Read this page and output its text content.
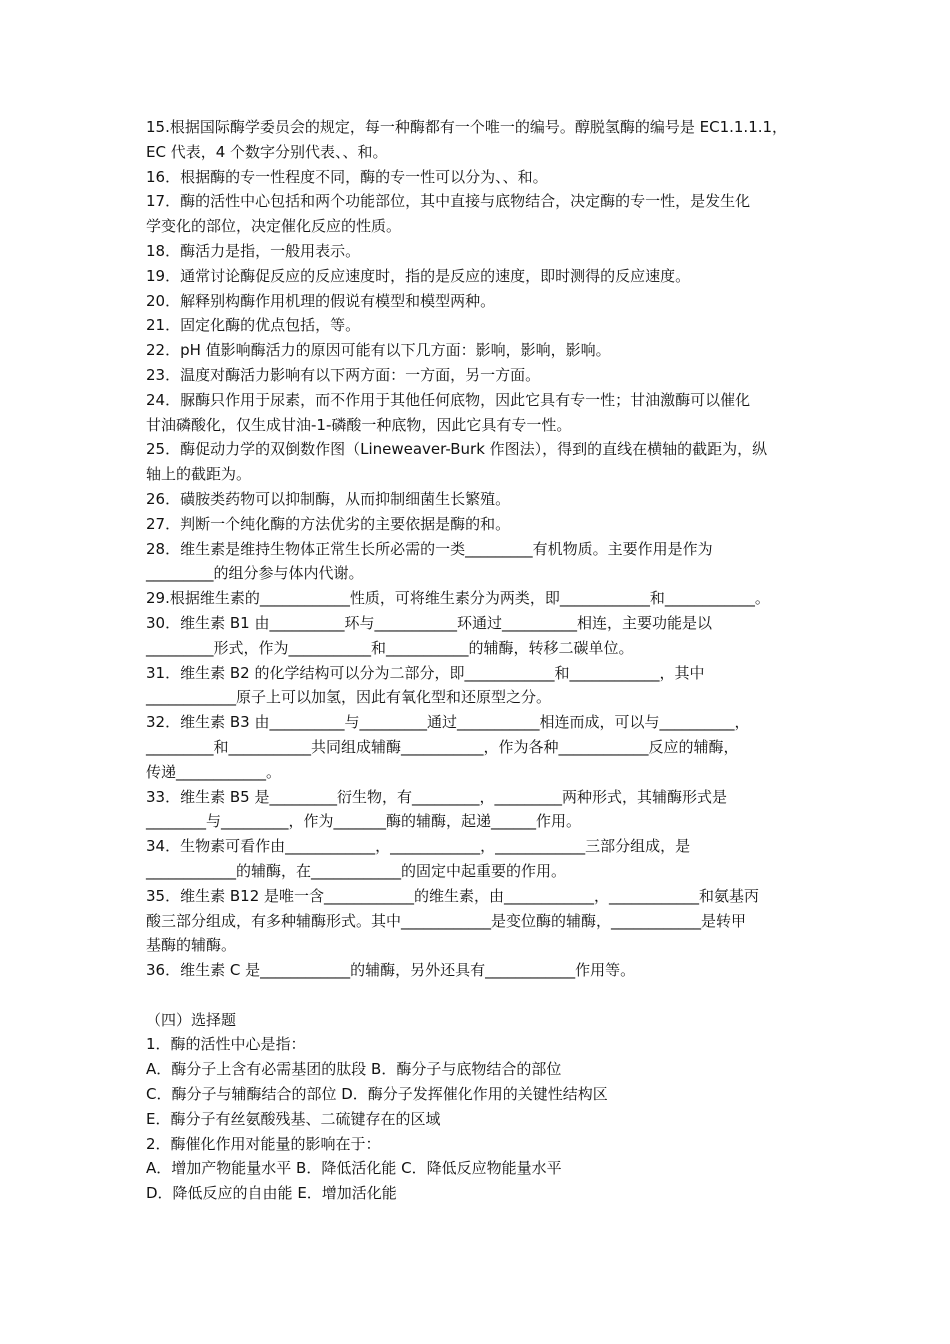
15.根据国际酶学委员会的规定，每一种酶都有一个唯一的编号。醇脱氢酶的编号是 EC1.1.1.1，
EC 代表，4 个数字分别代表、、和。
16．根据酶的专一性程度不同，酶的专一性可以分为、、和。
17．酶的活性中心包括和两个功能部位，其中直接与底物结合，决定酶的专一性，是发生化
学变化的部位，决定催化反应的性质。
18．酶活力是指，一般用表示。
19．通常讨论酶促反应的反应速度时，指的是反应的速度，即时测得的反应速度。
20．解释别构酶作用机理的假说有模型和模型两种。
21．固定化酶的优点包括，等。
22．pH 值影响酶活力的原因可能有以下几方面：影响，影响，影响。
23．温度对酶活力影响有以下两方面：一方面，另一方面。
24．脲酶只作用于尿素，而不作用于其他任何底物，因此它具有专一性；甘油激酶可以催化
甘油磷酸化，仅生成甘油-1-磷酸一种底物，因此它具有专一性。
25．酶促动力学的双倒数作图（Lineweaver-Burk 作图法），得到的直线在横轴的截距为，纵
轴上的截距为。
26．磺胺类药物可以抑制酶，从而抑制细菌生长繁殖。
27．判断一个纯化酶的方法优劣的主要依据是酶的和。
28．维生素是维持生物体正常生长所必需的一类_________有机物质。主要作用是作为
_________的组分参与体内代谢。
29.根据维生素的____________性质，可将维生素分为两类，即____________和____________。
30．维生素 B1 由__________环与___________环通过__________相连，主要功能是以
_________形式，作为___________和___________的辅酶，转移二碳单位。
31．维生素 B2 的化学结构可以分为二部分，即____________和____________，其中
____________原子上可以加氢，因此有氧化型和还原型之分。
32．维生素 B3 由__________与_________通过___________相连而成，可以与__________，
_________和___________共同组成辅酶___________，作为各种____________反应的辅酶，
传递____________。
33．维生素 B5 是_________衍生物，有_________，_________两种形式，其辅酶形式是
________与_________，作为_______酶的辅酶，起递______作用。
34．生物素可看作由____________，____________，____________三部分组成，是
____________的辅酶，在____________的固定中起重要的作用。
35．维生素 B12 是唯一含____________的维生素，由____________，____________和氨基丙
酸三部分组成，有多种辅酶形式。其中____________是变位酶的辅酶，____________是转甲
基酶的辅酶。
36．维生素 C 是____________的辅酶，另外还具有____________作用等。
（四）选择题
1．酶的活性中心是指：
A．酶分子上含有必需基团的肽段 B．酶分子与底物结合的部位
C．酶分子与辅酶结合的部位 D．酶分子发挥催化作用的关键性结构区
E．酶分子有丝氨酸残基、二硫键存在的区域
2．酶催化作用对能量的影响在于：
A．增加产物能量水平 B．降低活化能 C．降低反应物能量水平
D．降低反应的自由能 E．增加活化能
